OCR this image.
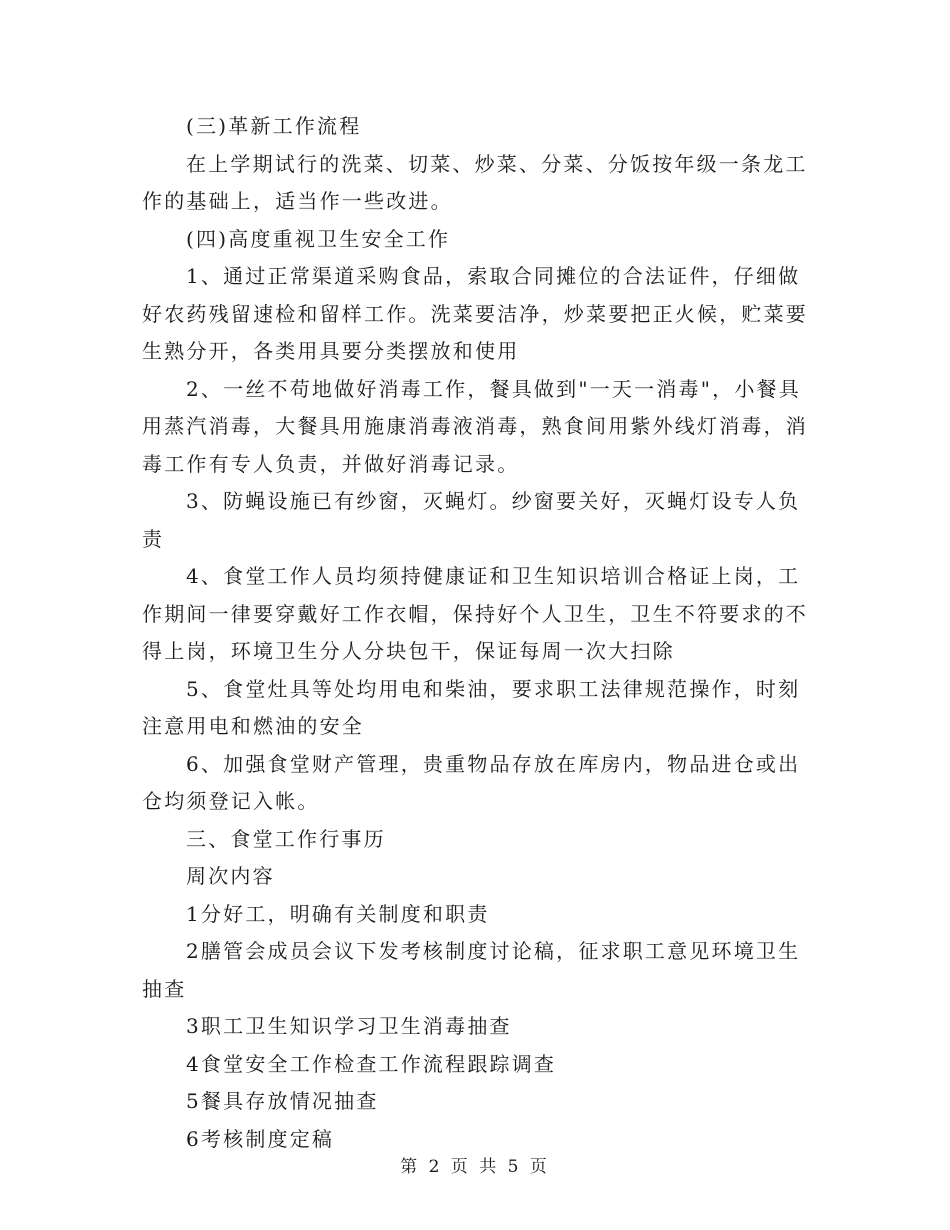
(三)革新工作流程

在上学期试行的洗菜、切菜、炒菜、分菜、分饭按年级一条龙工作的基础上，适当作一些改进。

(四)高度重视卫生安全工作

1、通过正常渠道采购食品，索取合同摊位的合法证件，仔细做好农药残留速检和留样工作。洗菜要洁净，炒菜要把正火候，贮菜要生熟分开，各类用具要分类摆放和使用

2、一丝不苟地做好消毒工作，餐具做到"一天一消毒"，小餐具用蒸汽消毒，大餐具用施康消毒液消毒，熟食间用紫外线灯消毒，消毒工作有专人负责，并做好消毒记录。

3、防蝇设施已有纱窗，灭蝇灯。纱窗要关好，灭蝇灯设专人负责

4、食堂工作人员均须持健康证和卫生知识培训合格证上岗，工作期间一律要穿戴好工作衣帽，保持好个人卫生，卫生不符要求的不得上岗，环境卫生分人分块包干，保证每周一次大扫除

5、食堂灶具等处均用电和柴油，要求职工法律规范操作，时刻注意用电和燃油的安全

6、加强食堂财产管理，贵重物品存放在库房内，物品进仓或出仓均须登记入帐。

三、食堂工作行事历

周次内容

1分好工，明确有关制度和职责

2膳管会成员会议下发考核制度讨论稿，征求职工意见环境卫生抽查

3职工卫生知识学习卫生消毒抽查

4食堂安全工作检查工作流程跟踪调查

5餐具存放情况抽查

6考核制度定稿

第 2 页 共 5 页
